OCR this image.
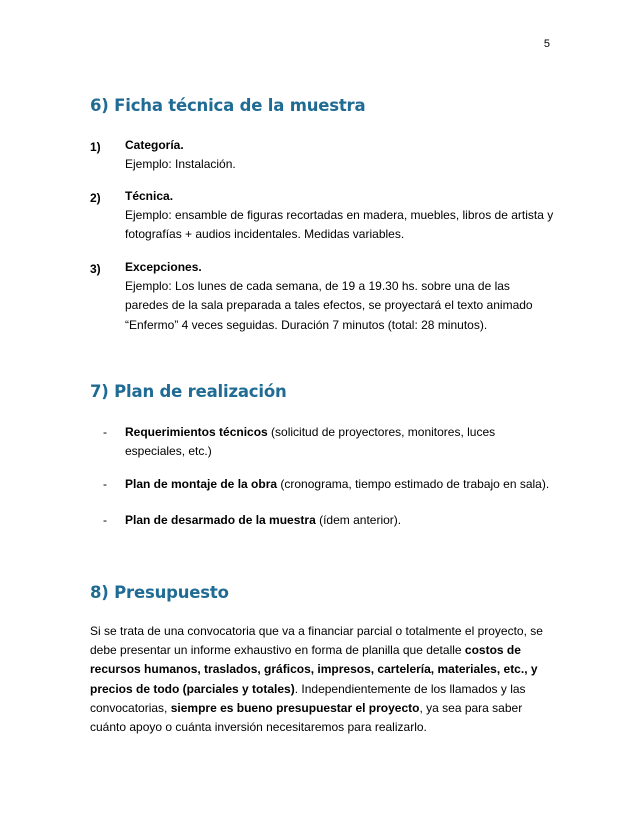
5
6) Ficha técnica de la muestra
1) Categoría.
Ejemplo: Instalación.
2) Técnica.
Ejemplo: ensamble de figuras recortadas en madera, muebles, libros de artista y fotografías + audios incidentales. Medidas variables.
3) Excepciones.
Ejemplo: Los lunes de cada semana, de 19 a 19.30 hs. sobre una de las paredes de la sala preparada a tales efectos, se proyectará el texto animado “Enfermo” 4 veces seguidas. Duración 7 minutos (total: 28 minutos).
7) Plan de realización
- Requerimientos técnicos (solicitud de proyectores, monitores, luces especiales, etc.)
- Plan de montaje de la obra (cronograma, tiempo estimado de trabajo en sala).
- Plan de desarmado de la muestra (ídem anterior).
8) Presupuesto
Si se trata de una convocatoria que va a financiar parcial o totalmente el proyecto, se debe presentar un informe exhaustivo en forma de planilla que detalle costos de recursos humanos, traslados, gráficos, impresos, cartelería, materiales, etc., y precios de todo (parciales y totales). Independientemente de los llamados y las convocatorias, siempre es bueno presupuestar el proyecto, ya sea para saber cuánto apoyo o cuánta inversión necesitaremos para realizarlo.
